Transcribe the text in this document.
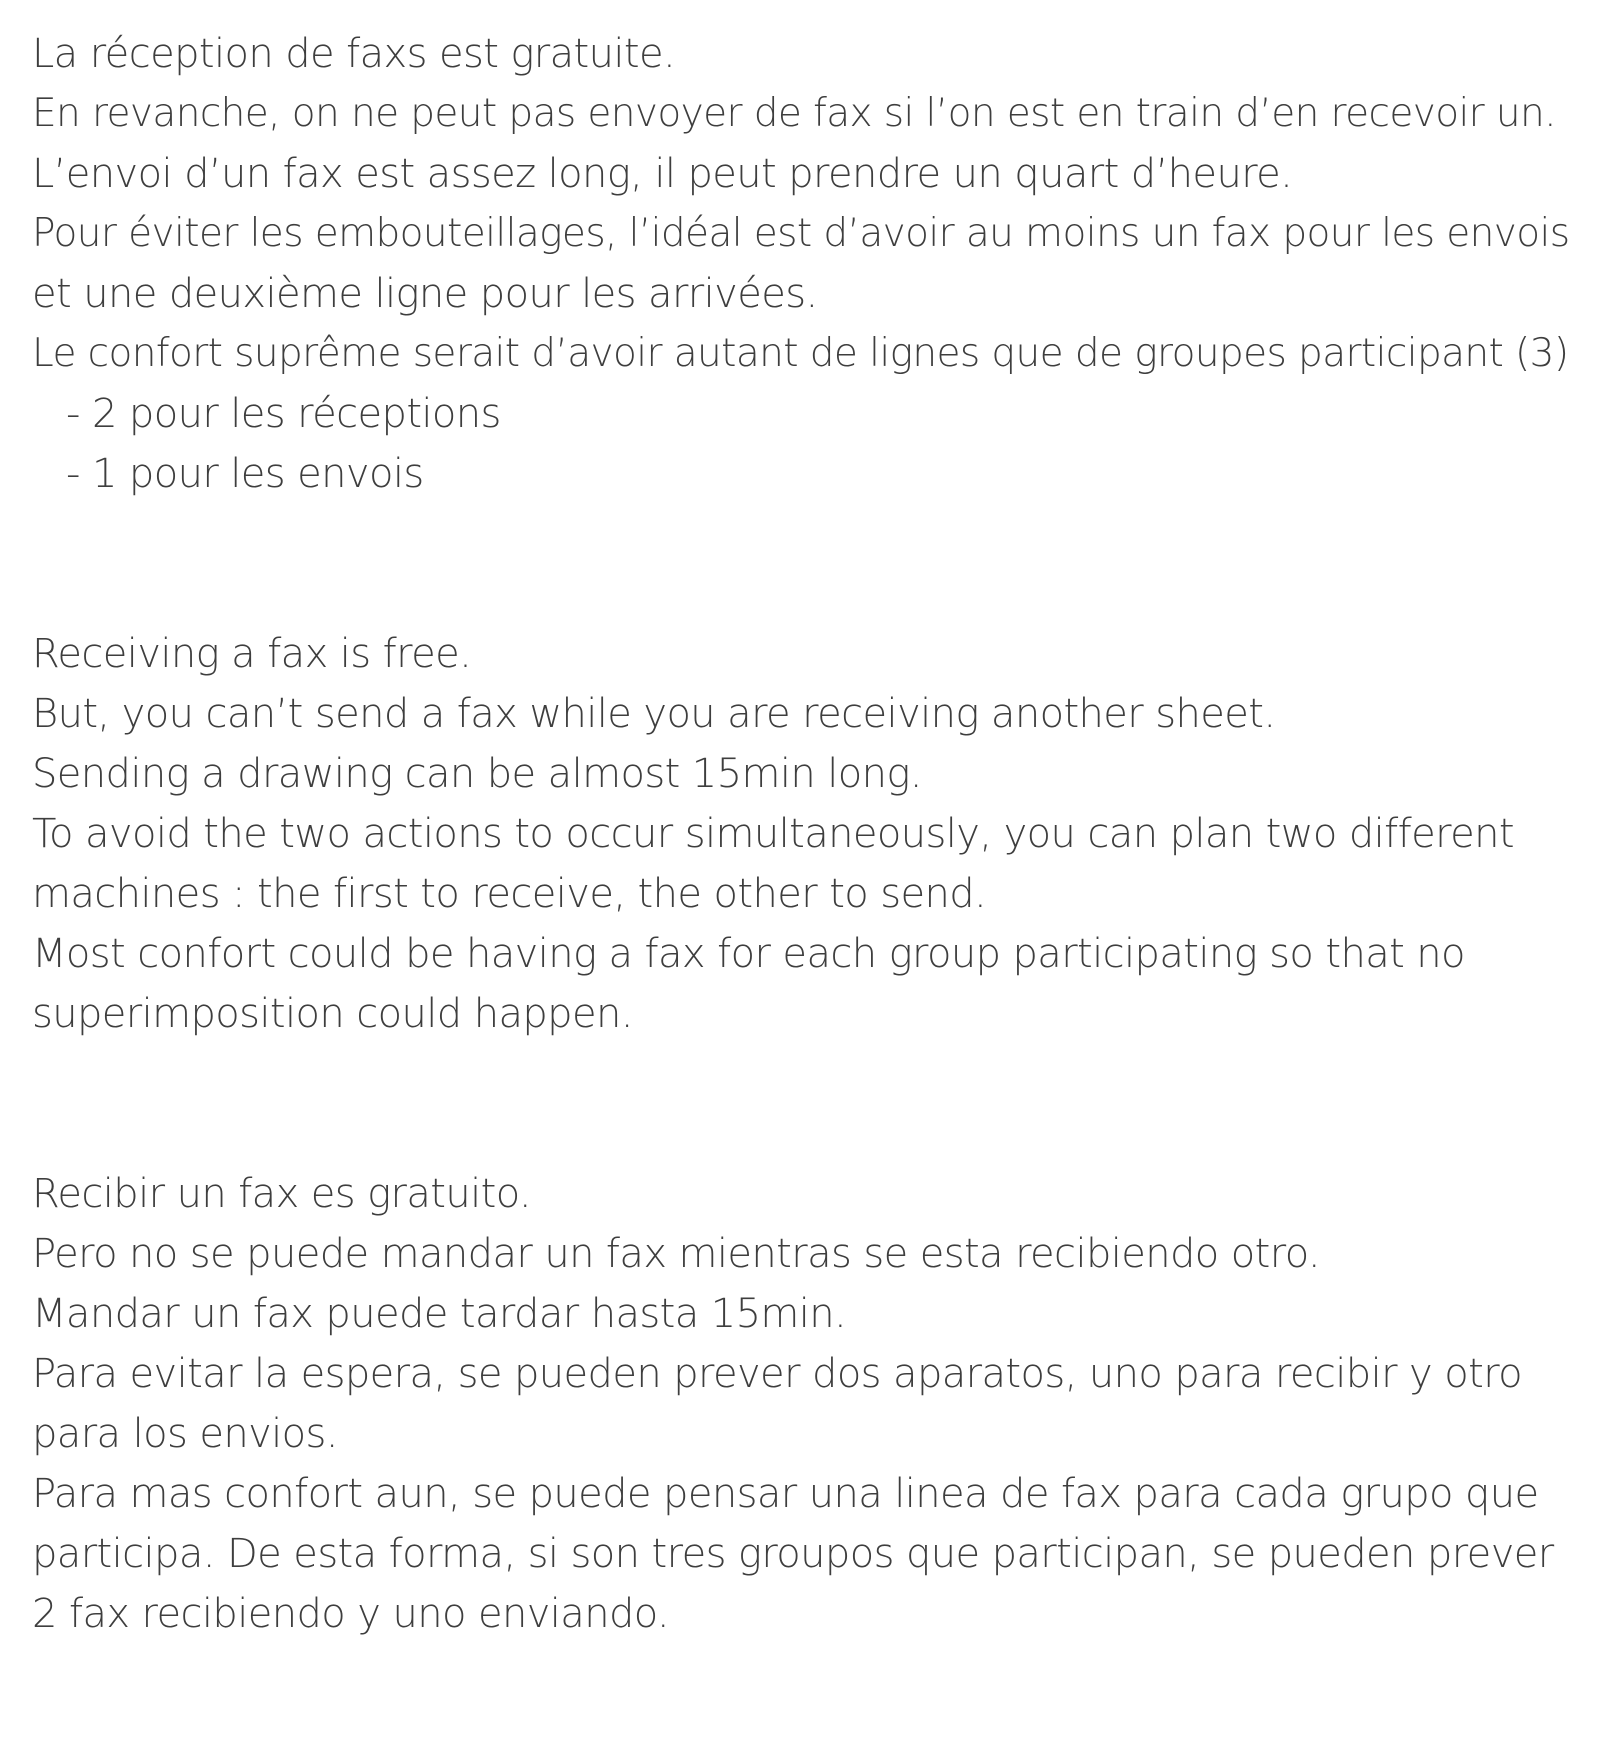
La réception de faxs est gratuite.
En revanche, on ne peut pas envoyer de fax si l’on est en train d’en recevoir un.
L’envoi d’un fax est assez long, il peut prendre un quart d’heure.
Pour éviter les embouteillages, l’idéal est d’avoir au moins un fax pour les envois
et une deuxième ligne pour les arrivées.
Le confort suprême serait d’avoir autant de lignes que de groupes participant (3)
- 2 pour les réceptions
- 1 pour les envois
Receiving a fax is free.
But, you can’t send a fax while you are receiving another sheet.
Sending a drawing can be almost 15min long.
To avoid the two actions to occur simultaneously, you can plan two different
machines : the first to receive, the other to send.
Most confort could be having a fax for each group participating so that no
superimposition could happen.
Recibir un fax es gratuito.
Pero no se puede mandar un fax mientras se esta recibiendo otro.
Mandar un fax puede tardar hasta 15min.
Para evitar la espera, se pueden prever dos aparatos, uno para recibir y otro
para los envios.
Para mas confort aun, se puede pensar una linea de fax para cada grupo que
participa. De esta forma, si son tres groupos que participan, se pueden prever
2 fax recibiendo y uno enviando.
